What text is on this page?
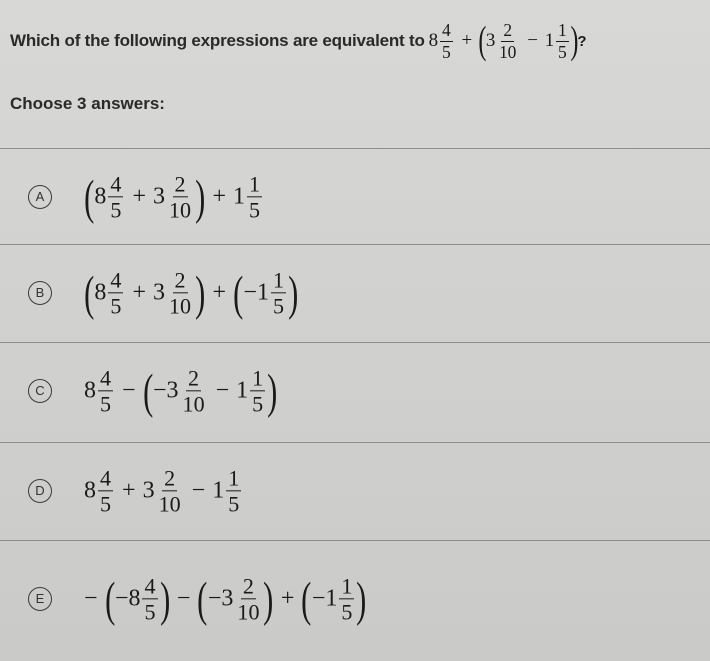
Which of the following expressions are equivalent to $8 \frac{4}{5}$ + ( $3 \frac{2}{10} - 1 \frac{1}{5}$ ) ?
Choose 3 answers:
A ( $8 \frac{4}{5} + 3 \frac{2}{10}$ ) + $1 \frac{1}{5}$
B ( $8 \frac{4}{5} + 3 \frac{2}{10}$ ) + ( − $1 \frac{1}{5}$ )
C	$8 \frac{4}{5}$ − ( − $3 \frac{2}{10} - 1 \frac{1}{5}$ )
D	$8 \frac{4}{5} + 3 \frac{2}{10} - 1 \frac{1}{5}$
E	− ( − $8 \frac{4}{5}$ ) − ( − $3 \frac{2}{10}$ ) + ( − $1 \frac{1}{5}$ )
